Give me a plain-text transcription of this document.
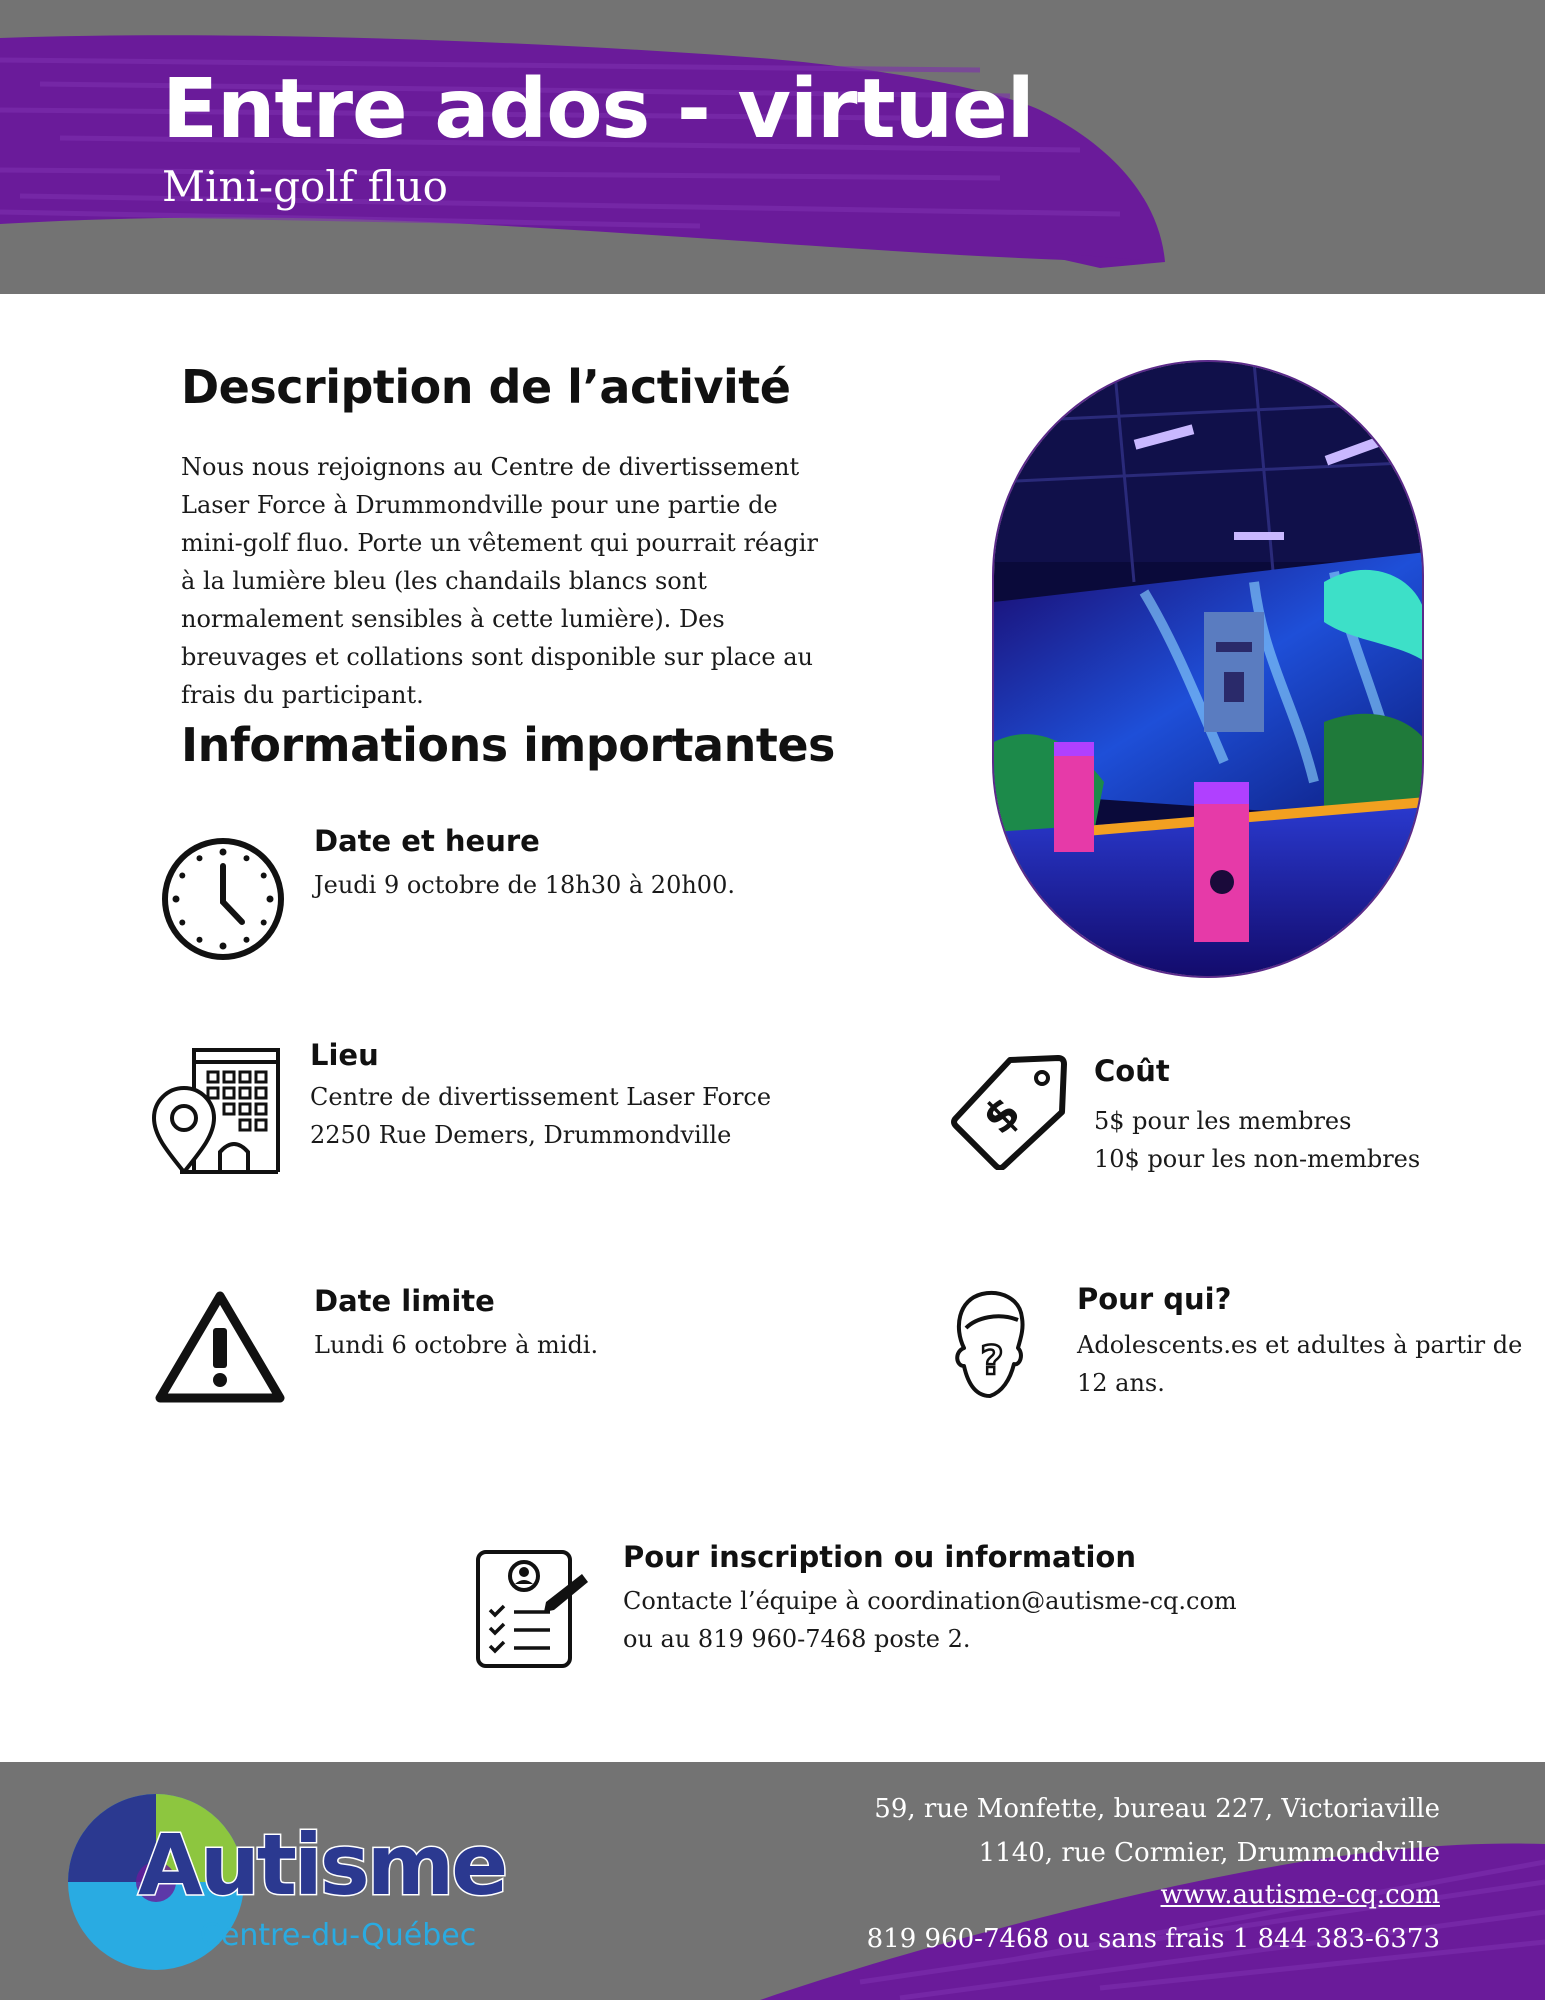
Entre ados - virtuel
Mini-golf fluo
Description de l’activité
Nous nous rejoignons au Centre de divertissement Laser Force à Drummondville pour une partie de mini-golf fluo. Porte un vêtement qui pourrait réagir à la lumière bleu (les chandails blancs sont normalement sensibles à cette lumière). Des breuvages et collations sont disponible sur place au frais du participant.
Informations importantes
Date et heure
Jeudi 9 octobre de 18h30 à 20h00.
Lieu
Centre de divertissement Laser Force
2250 Rue Demers, Drummondville	$
Coût
5$ pour les membres
10$ pour les non-membres
Date limite
Lundi 6 octobre à midi.	?
Pour qui?
Adolescents.es et adultes à partir de
12 ans.
Pour inscription ou information
Contacte l’équipe à coordination@autisme-cq.com
ou au 819 960-7468 poste 2.
Autisme
Centre-du-Québec
59, rue Monfette, bureau 227, Victoriaville
1140, rue Cormier, Drummondville
www.autisme-cq.com
819 960-7468 ou sans frais 1 844 383-6373
